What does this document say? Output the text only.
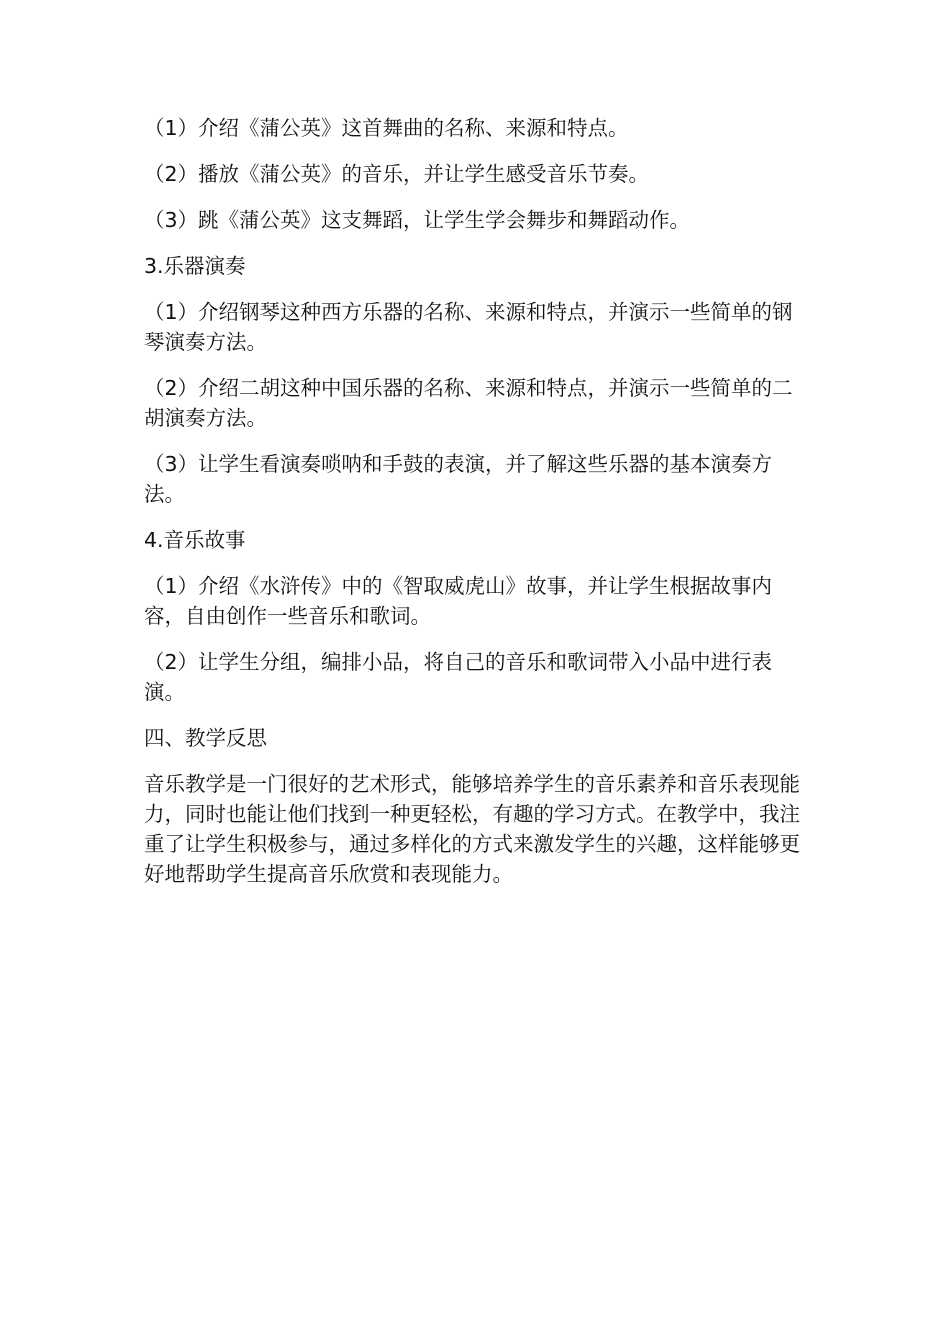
（1）介绍《蒲公英》这首舞曲的名称、来源和特点。

（2）播放《蒲公英》的音乐，并让学生感受音乐节奏。

（3）跳《蒲公英》这支舞蹈，让学生学会舞步和舞蹈动作。

3.乐器演奏

（1）介绍钢琴这种西方乐器的名称、来源和特点，并演示一些简单的钢琴演奏方法。

（2）介绍二胡这种中国乐器的名称、来源和特点，并演示一些简单的二胡演奏方法。

（3）让学生看演奏唢呐和手鼓的表演，并了解这些乐器的基本演奏方法。

4.音乐故事

（1）介绍《水浒传》中的《智取威虎山》故事，并让学生根据故事内容，自由创作一些音乐和歌词。

（2）让学生分组，编排小品，将自己的音乐和歌词带入小品中进行表演。

四、教学反思

音乐教学是一门很好的艺术形式，能够培养学生的音乐素养和音乐表现能力，同时也能让他们找到一种更轻松，有趣的学习方式。在教学中，我注重了让学生积极参与，通过多样化的方式来激发学生的兴趣，这样能够更好地帮助学生提高音乐欣赏和表现能力。
